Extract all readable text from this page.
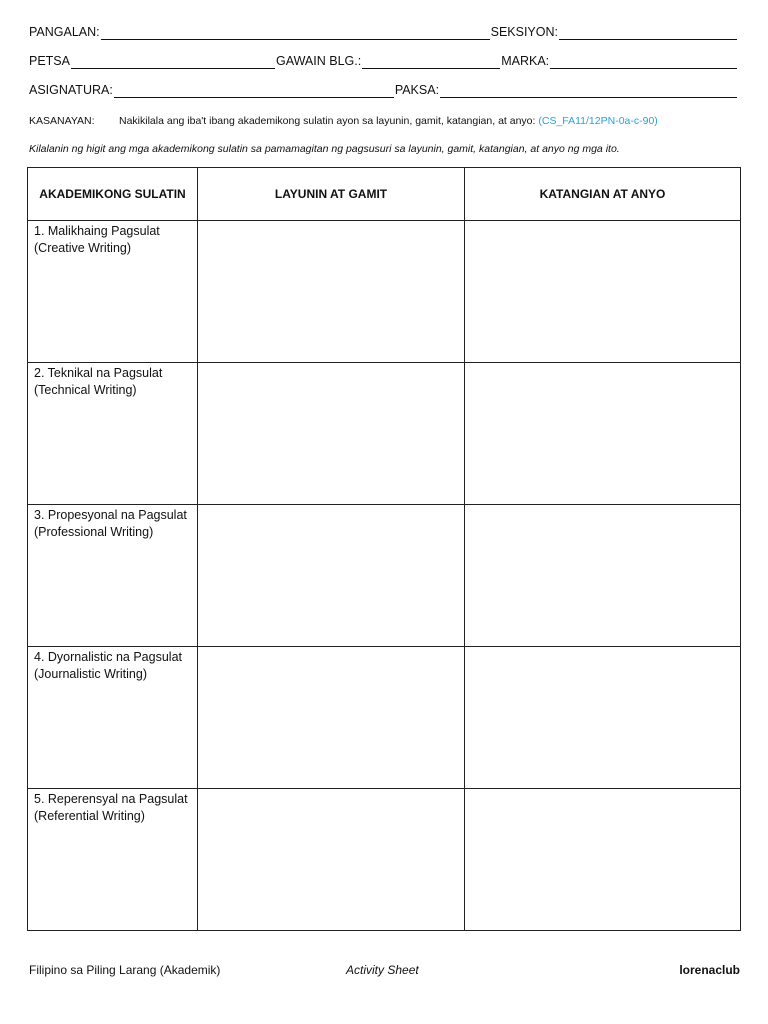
PANGALAN:	SEKSIYON:
PETSA	GAWAIN BLG.:	MARKA:
ASIGNATURA:	PAKSA:
KASANAYAN: Nakikilala ang iba't ibang akademikong sulatin ayon sa layunin, gamit, katangian, at anyo: (CS_FA11/12PN-0a-c-90)
Kilalanin ng higit ang mga akademikong sulatin sa pamamagitan ng pagsusuri sa layunin, gamit, katangian, at anyo ng mga ito.
AKADEMIKONG SULATIN	LAYUNIN AT GAMIT	KATANGIAN AT ANYO

1. Malikhaing Pagsulat
(Creative Writing)		

2. Teknikal na Pagsulat
(Technical Writing)		

3. Propesyonal na Pagsulat
(Professional Writing)		

4. Dyornalistic na Pagsulat
(Journalistic Writing)		

5. Reperensyal na Pagsulat
(Referential Writing)		

Filipino sa Piling Larang (Akademik)	Activity Sheet	lorenaclub
